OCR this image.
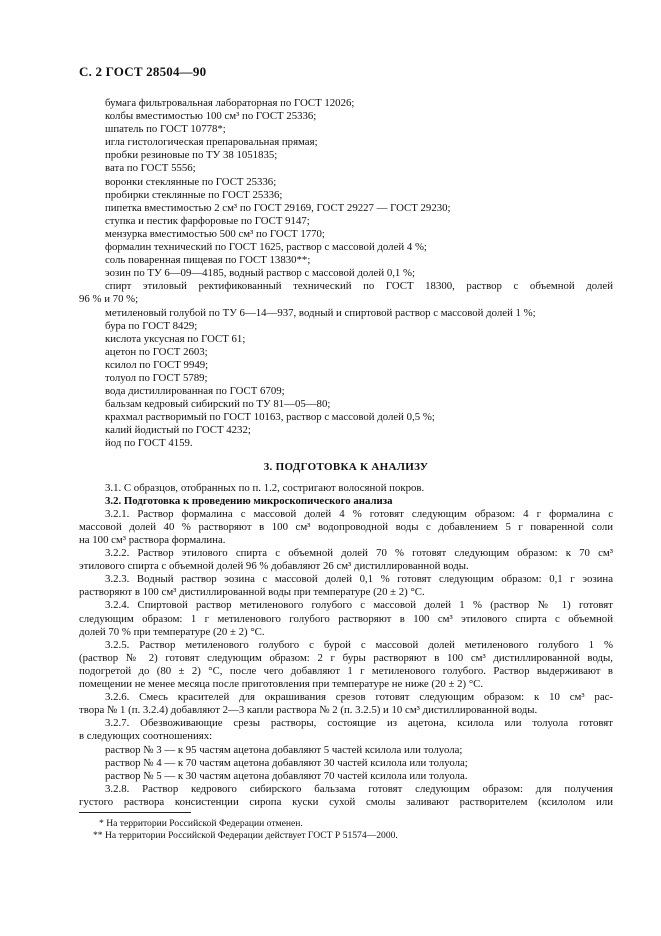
С. 2 ГОСТ 28504—90
бумага фильтровальная лабораторная по ГОСТ 12026;
колбы вместимостью 100 см³ по ГОСТ 25336;
шпатель по ГОСТ 10778*;
игла гистологическая препаровальная прямая;
пробки резиновые по ТУ 38 1051835;
вата по ГОСТ 5556;
воронки стеклянные по ГОСТ 25336;
пробирки стеклянные по ГОСТ 25336;
пипетка вместимостью 2 см³ по ГОСТ 29169, ГОСТ 29227 — ГОСТ 29230;
ступка и пестик фарфоровые по ГОСТ 9147;
мензурка вместимостью 500 см³ по ГОСТ 1770;
формалин технический по ГОСТ 1625, раствор с массовой долей 4 %;
соль поваренная пищевая по ГОСТ 13830**;
эозин по ТУ 6—09—4185, водный раствор с массовой долей 0,1 %;
спирт этиловый ректификованный технический по ГОСТ 18300, раствор с объемной долей
96 % и 70 %;
метиленовый голубой по ТУ 6—14—937, водный и спиртовой раствор с массовой долей 1 %;
бура по ГОСТ 8429;
кислота уксусная по ГОСТ 61;
ацетон по ГОСТ 2603;
ксилол по ГОСТ 9949;
толуол по ГОСТ 5789;
вода дистиллированная по ГОСТ 6709;
бальзам кедровый сибирский по ТУ 81—05—80;
крахмал растворимый по ГОСТ 10163, раствор с массовой долей 0,5 %;
калий йодистый по ГОСТ 4232;
йод по ГОСТ 4159.
3. ПОДГОТОВКА К АНАЛИЗУ
3.1. С образцов, отобранных по п. 1.2, состригают волосяной покров.
3.2. Подготовка к проведению микроскопического анализа
3.2.1. Раствор формалина с массовой долей 4 % готовят следующим образом: 4 г формалина с
массовой долей 40 % растворяют в 100 см³ водопроводной воды с добавлением 5 г поваренной соли
на 100 см³ раствора формалина.
3.2.2. Раствор этилового спирта с объемной долей 70 % готовят следующим образом: к 70 см³
этилового спирта с объемной долей 96 % добавляют 26 см³ дистиллированной воды.
3.2.3. Водный раствор эозина с массовой долей 0,1 % готовят следующим образом: 0,1 г эозина
растворяют в 100 см³ дистиллированной воды при температуре (20 ± 2) °С.
3.2.4. Спиртовой раствор метиленового голубого с массовой долей 1 % (раствор № 1) готовят
следующим образом: 1 г метиленового голубого растворяют в 100 см³ этилового спирта с объемной
долей 70 % при температуре (20 ± 2) °С.
3.2.5. Раствор метиленового голубого с бурой с массовой долей метиленового голубого 1 %
(раствор № 2) готовят следующим образом: 2 г буры растворяют в 100 см³ дистиллированной воды,
подогретой до (80 ± 2) °С, после чего добавляют 1 г метиленового голубого. Раствор выдерживают в
помещении не менее месяца после приготовления при температуре не ниже (20 ± 2) °С.
3.2.6. Смесь красителей для окрашивания срезов готовят следующим образом: к 10 см³ рас-
твора № 1 (п. 3.2.4) добавляют 2—3 капли раствора № 2 (п. 3.2.5) и 10 см³ дистиллированной воды.
3.2.7. Обезвоживающие срезы растворы, состоящие из ацетона, ксилола или толуола готовят
в следующих соотношениях:
раствор № 3 — к 95 частям ацетона добавляют 5 частей ксилола или толуола;
раствор № 4 — к 70 частям ацетона добавляют 30 частей ксилола или толуола;
раствор № 5 — к 30 частям ацетона добавляют 70 частей ксилола или толуола.
3.2.8. Раствор кедрового сибирского бальзама готовят следующим образом: для получения
густого раствора консистенции сиропа куски сухой смолы заливают растворителем (ксилолом или
* На территории Российской Федерации отменен.
** На территории Российской Федерации действует ГОСТ Р 51574—2000.
